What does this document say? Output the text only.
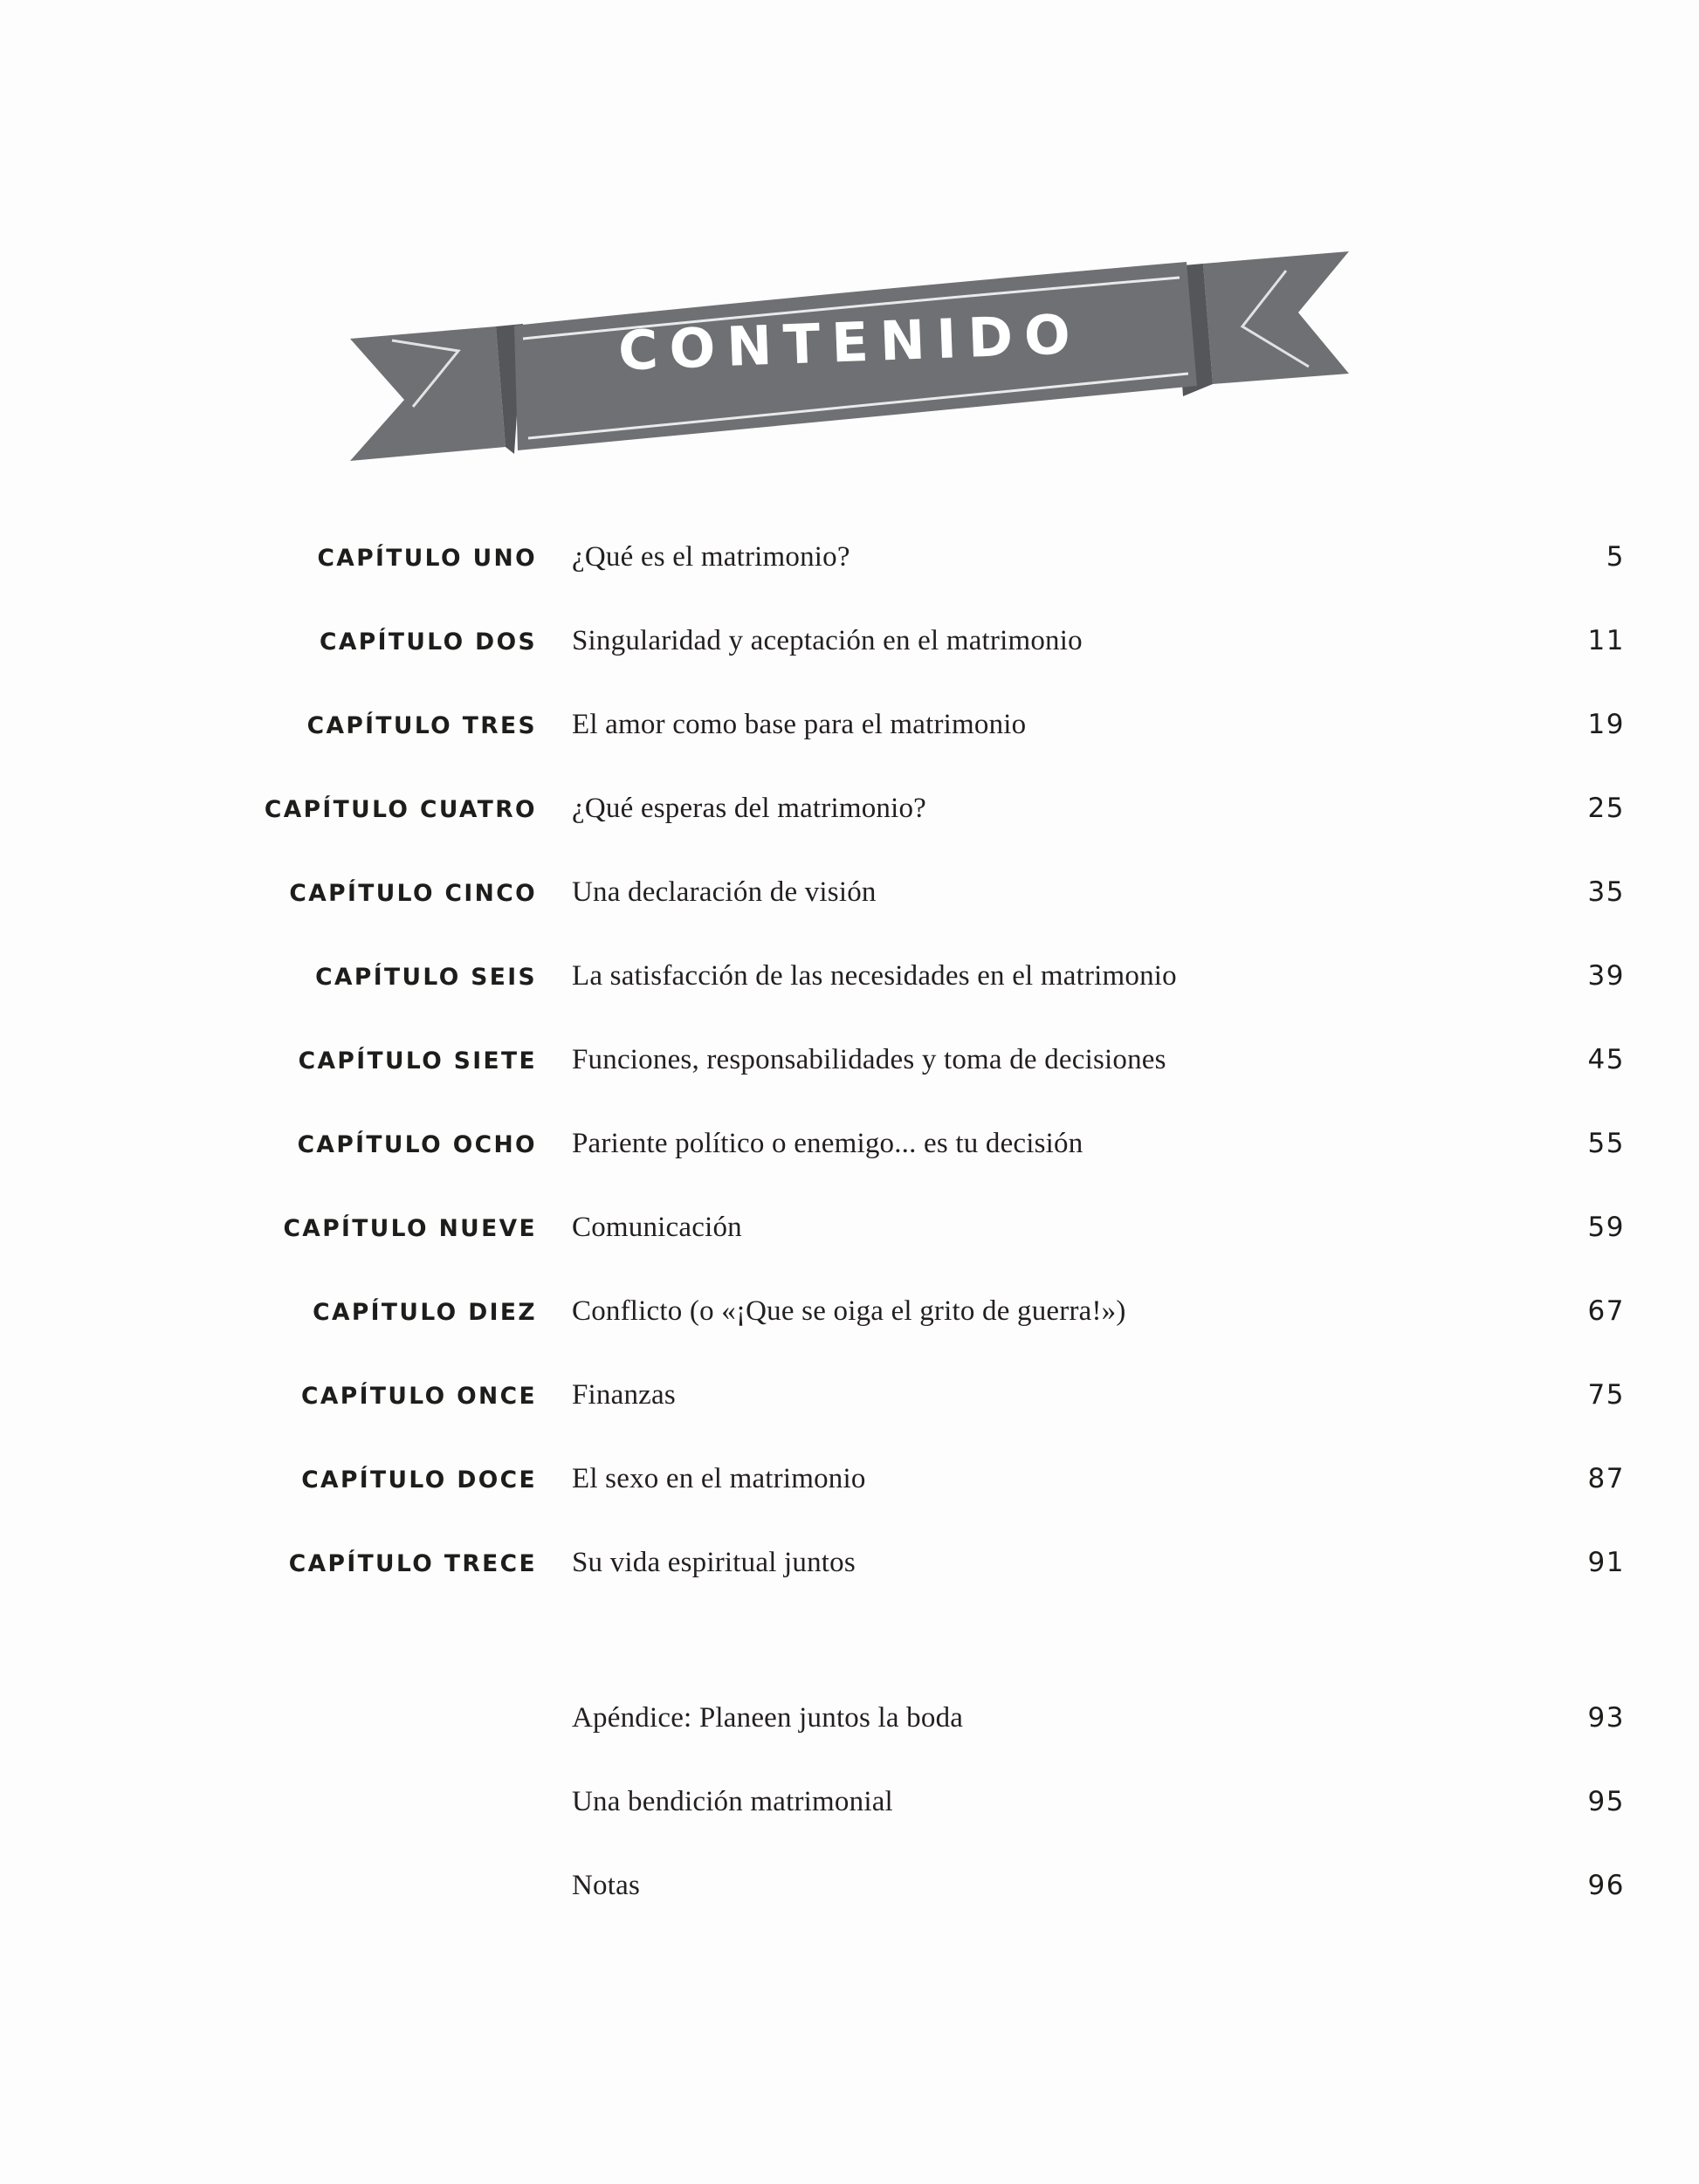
CONTENIDO
CAPÍTULO UNO	¿Qué es el matrimonio?	5
CAPÍTULO DOS	Singularidad y aceptación en el matrimonio	11
CAPÍTULO TRES	El amor como base para el matrimonio	19
CAPÍTULO CUATRO	¿Qué esperas del matrimonio?	25
CAPÍTULO CINCO	Una declaración de visión	35
CAPÍTULO SEIS	La satisfacción de las necesidades en el matrimonio	39
CAPÍTULO SIETE	Funciones, responsabilidades y toma de decisiones	45
CAPÍTULO OCHO	Pariente político o enemigo... es tu decisión	55
CAPÍTULO NUEVE	Comunicación	59
CAPÍTULO DIEZ	Conflicto (o «¡Que se oiga el grito de guerra!»)	67
CAPÍTULO ONCE	Finanzas	75
CAPÍTULO DOCE	El sexo en el matrimonio	87
CAPÍTULO TRECE	Su vida espiritual juntos	91
Apéndice: Planeen juntos la boda	93
Una bendición matrimonial	95
Notas	96
